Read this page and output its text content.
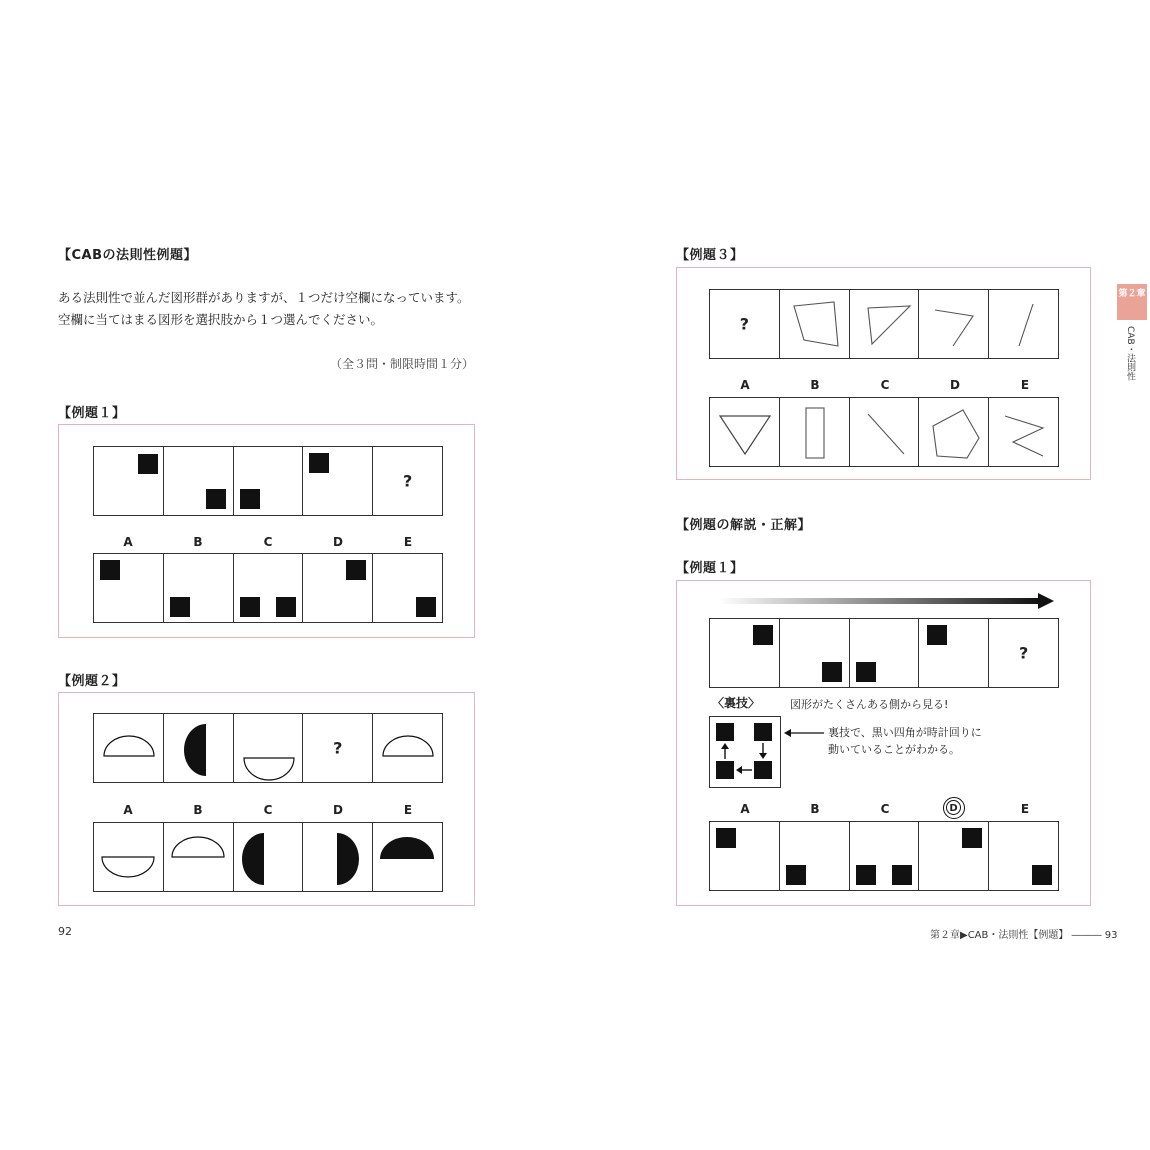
【CABの法則性例題】
ある法則性で並んだ図形群がありますが、１つだけ空欄になっています。
空欄に当てはまる図形を選択肢から１つ選んでください。
（全３問・制限時間１分）
【例題１】
?
A	B	C	D	E
【例題２】
?
A	B	C	D	E
92
【例題３】
?
A	B	C	D	E
【例題の解説・正解】
【例題１】
?
〈裏技〉	図形がたくさんある側から見る!
裏技で、黒い四角が時計回りに
動いていることがわかる。
A	B	C	D	E
第２章▶CAB・法則性【例題】 ――― 93
第２章
CAB・法則性
